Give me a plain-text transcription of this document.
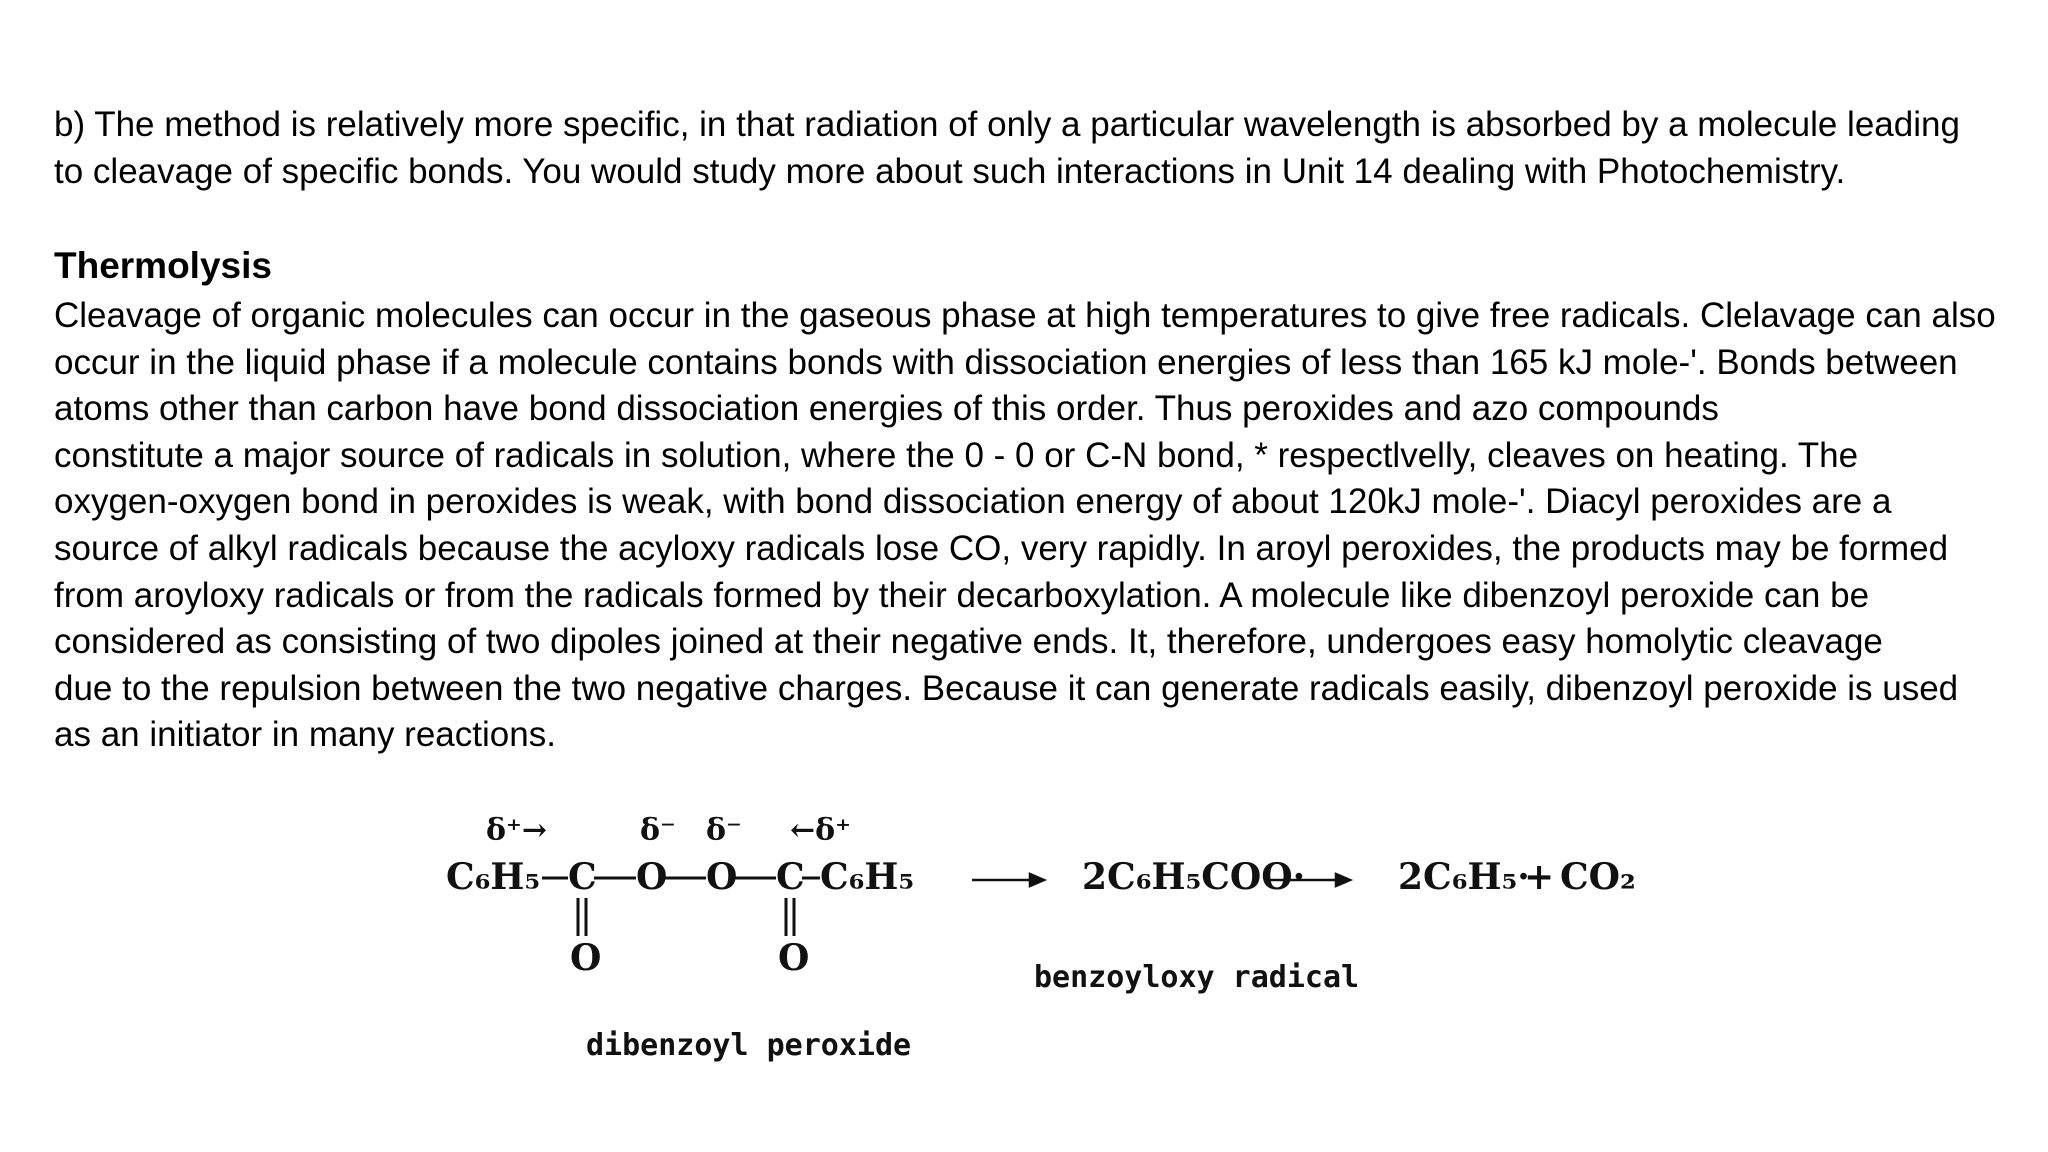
b) The method is relatively more specific, in that radiation of only a particular wavelength is absorbed by a molecule leading
to cleavage of specific bonds. You would study more about such interactions in Unit 14 dealing with Photochemistry.

Thermolysis

Cleavage of organic molecules can occur in the gaseous phase at high temperatures to give free radicals. Clelavage can also
occur in the liquid phase if a molecule contains bonds with dissociation energies of less than 165 kJ mole-'. Bonds between
atoms other than carbon have bond dissociation energies of this order. Thus peroxides and azo compounds
constitute a major source of radicals in solution, where the 0 - 0 or C-N bond, * respectlvelly, cleaves on heating. The
oxygen-oxygen bond in peroxides is weak, with bond dissociation energy of about 120kJ mole-'. Diacyl peroxides are a
source of alkyl radicals because the acyloxy radicals lose CO, very rapidly. In aroyl peroxides, the products may be formed
from aroyloxy radicals or from the radicals formed by their decarboxylation. A molecule like dibenzoyl peroxide can be
considered as consisting of two dipoles joined at their negative ends. It, therefore, undergoes easy homolytic cleavage
due to the repulsion between the two negative charges. Because it can generate radicals easily, dibenzoyl peroxide is used
as an initiator in many reactions.

δ⁺→	δ⁻ δ⁻ ←δ⁺
C₆H₅ C O O C C₆H₅
O	O
2C₆H₅COO·	2C₆H₅·
+ CO₂
benzoyloxy radical
dibenzoyl peroxide
